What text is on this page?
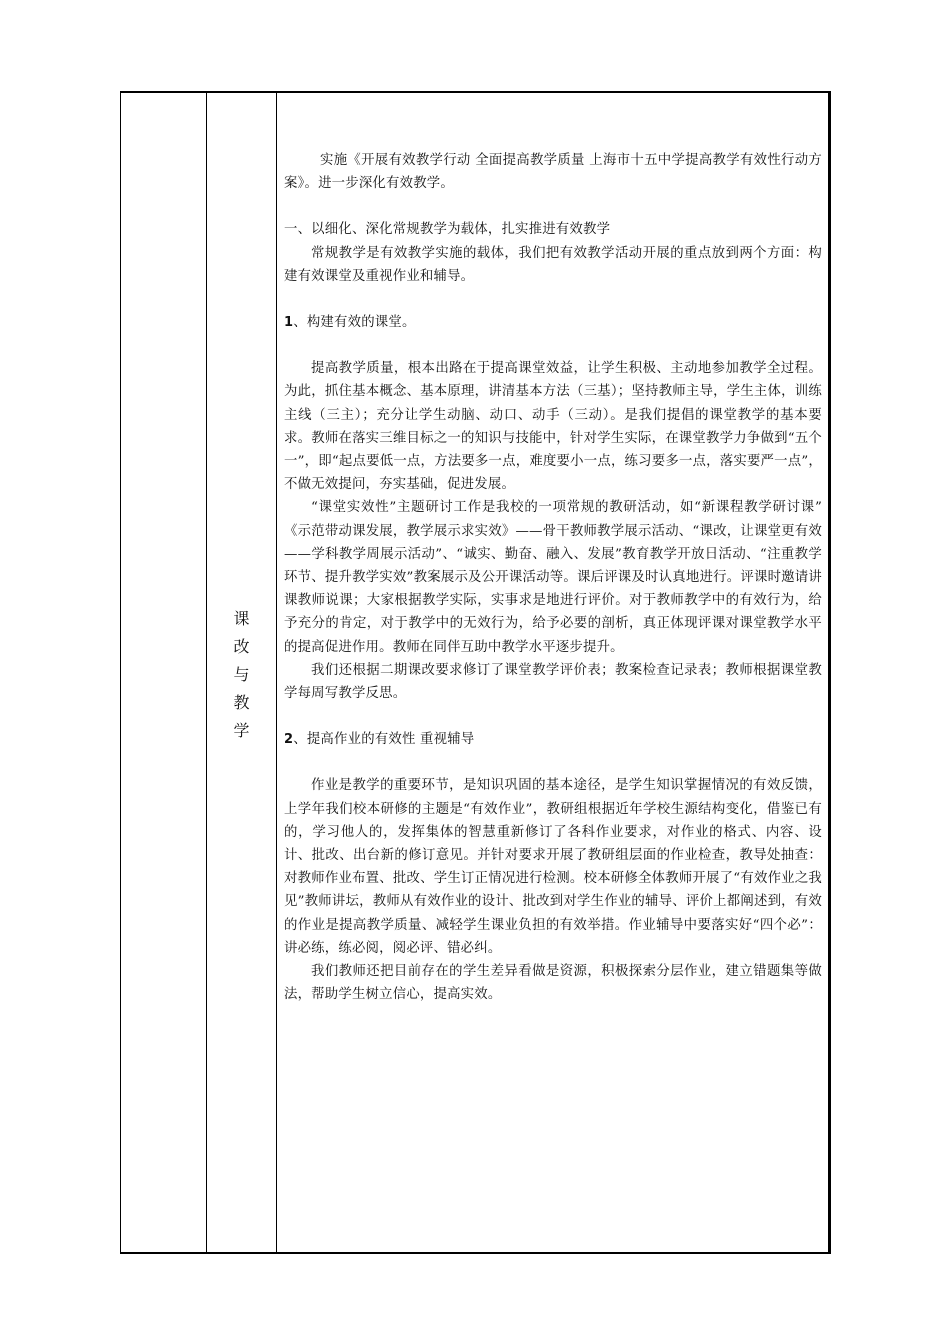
课
改
与
教
学

实施《开展有效教学行动 全面提高教学质量 上海市十五中学提高教学有效性行动方案》。进一步深化有效教学。

一、以细化、深化常规教学为载体，扎实推进有效教学

常规教学是有效教学实施的载体，我们把有效教学活动开展的重点放到两个方面：构建有效课堂及重视作业和辅导。

1、构建有效的课堂。

提高教学质量，根本出路在于提高课堂效益，让学生积极、主动地参加教学全过程。为此，抓住基本概念、基本原理，讲清基本方法（三基）；坚持教师主导，学生主体，训练主线（三主）；充分让学生动脑、动口、动手（三动）。是我们提倡的课堂教学的基本要求。教师在落实三维目标之一的知识与技能中，针对学生实际，在课堂教学力争做到“五个一”，即“起点要低一点，方法要多一点，难度要小一点，练习要多一点，落实要严一点”，不做无效提问，夯实基础，促进发展。

“课堂实效性”主题研讨工作是我校的一项常规的教研活动，如“新课程教学研讨课” 《示范带动课发展，教学展示求实效》——骨干教师教学展示活动、“课改，让课堂更有效——学科教学周展示活动”、“诚实、勤奋、融入、发展”教育教学开放日活动、“注重教学环节、提升教学实效”教案展示及公开课活动等。课后评课及时认真地进行。评课时邀请讲课教师说课；大家根据教学实际，实事求是地进行评价。对于教师教学中的有效行为，给予充分的肯定，对于教学中的无效行为，给予必要的剖析，真正体现评课对课堂教学水平的提高促进作用。教师在同伴互助中教学水平逐步提升。

我们还根据二期课改要求修订了课堂教学评价表；教案检查记录表；教师根据课堂教学每周写教学反思。

2、提高作业的有效性 重视辅导

作业是教学的重要环节，是知识巩固的基本途径，是学生知识掌握情况的有效反馈，上学年我们校本研修的主题是“有效作业”，教研组根据近年学校生源结构变化，借鉴已有的，学习他人的，发挥集体的智慧重新修订了各科作业要求，对作业的格式、内容、设计、批改、出台新的修订意见。并针对要求开展了教研组层面的作业检查，教导处抽查：对教师作业布置、批改、学生订正情况进行检测。校本研修全体教师开展了“有效作业之我见”教师讲坛，教师从有效作业的设计、批改到对学生作业的辅导、评价上都阐述到，有效的作业是提高教学质量、减轻学生课业负担的有效举措。作业辅导中要落实好“四个必”：讲必练，练必阅，阅必评、错必纠。

我们教师还把目前存在的学生差异看做是资源，积极探索分层作业，建立错题集等做法，帮助学生树立信心，提高实效。
